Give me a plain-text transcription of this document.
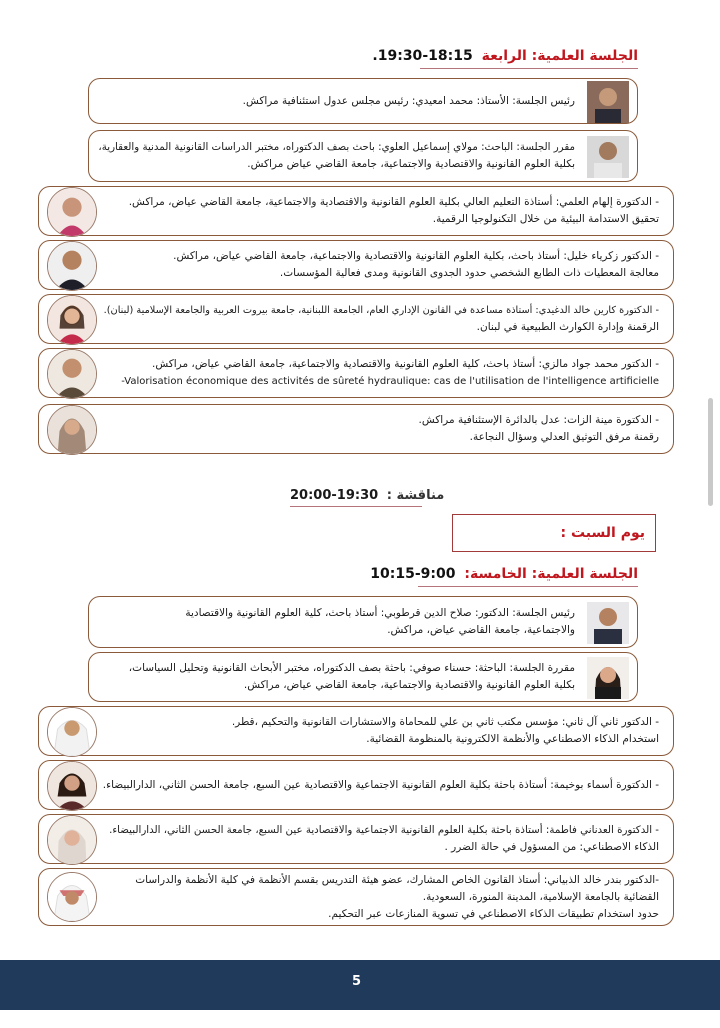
الجلسة العلمية: الرابعة 18:15-19:30.
رئيس الجلسة: الأستاذ: محمد امعيدي: رئيس مجلس عدول استئنافية مراكش.
مقرر الجلسة: الباحث: مولاي إسماعيل العلوي: باحث بصف الدكتوراه، مختبر الدراسات القانونية المدنية والعقارية،
بكلية العلوم القانونية والاقتصادية والاجتماعية، جامعة القاضي عياض مراكش.
- الدكتورة إلهام العلمي: أستاذة التعليم العالي بكلية العلوم القانونية والاقتصادية والاجتماعية، جامعة القاضي عياض، مراكش.
تحقيق الاستدامة البيئية من خلال التكنولوجيا الرقمية.
- الدكتور زكرياء خليل: أستاذ باحث، بكلية العلوم القانونية والاقتصادية والاجتماعية، جامعة القاضي عياض، مراكش.
معالجة المعطيات ذات الطابع الشخصي حدود الجدوى القانونية ومدى فعالية المؤسسات.
- الدكتورة كارين خالد الدغيدي: أستاذة مساعدة في القانون الإداري العام، الجامعة اللبنانية، جامعة بيروت العربية والجامعة الإسلامية (لبنان).
الرقمنة وإدارة الكوارث الطبيعية في لبنان.
- الدكتور محمد جواد مالزي: أستاذ باحث، كلية العلوم القانونية والاقتصادية والاجتماعية، جامعة القاضي عياض، مراكش.
-Valorisation économique des activités de sûreté hydraulique: cas de l'utilisation de l'intelligence artificielle
- الدكتورة مينة الزات: عدل بالدائرة الإستئنافية مراكش.
رقمنة مرفق التوثيق العدلي وسؤال النجاعة.
مناقشة : 19:30-20:00
يوم السبت :
الجلسة العلمية: الخامسة: 9:00-10:15
رئيس الجلسة: الدكتور: صلاح الدين قرطوبي: أستاذ باحث، كلية العلوم القانونية والاقتصادية
والاجتماعية، جامعة القاضي عياض، مراكش.
مقررة الجلسة: الباحثة: حسناء صوفي: باحثة بصف الدكتوراه، مختبر الأبحاث القانونية وتحليل السياسات،
بكلية العلوم القانونية والاقتصادية والاجتماعية، جامعة القاضي عياض، مراكش.
- الدكتور ثاني آل ثاني: مؤسس مكتب ثاني بن علي للمحاماة والاستشارات القانونية والتحكيم ،قطر.
استخدام الذكاء الاصطناعي والأنظمة الالكترونية بالمنظومة القضائية.
- الدكتورة أسماء بوخيمة: أستاذة باحثة بكلية العلوم القانونية الاجتماعية والاقتصادية عين السبع، جامعة الحسن الثاني، الدارالبيضاء.
- الدكتورة العدناني فاطمة: أستاذة باحثة بكلية العلوم القانونية الاجتماعية والاقتصادية عين السبع، جامعة الحسن الثاني، الدارالبيضاء.
الذكاء الاصطناعي: من المسؤول في حالة الضرر .
-الدكتور بندر خالد الذبياني: أستاذ القانون الخاص المشارك، عضو هيئة التدريس بقسم الأنظمة في كلية الأنظمة والدراسات
القضائية بالجامعة الإسلامية، المدينة المنورة، السعودية.
حدود استخدام تطبيقات الذكاء الاصطناعي في تسوية المنازعات عبر التحكيم.
5
